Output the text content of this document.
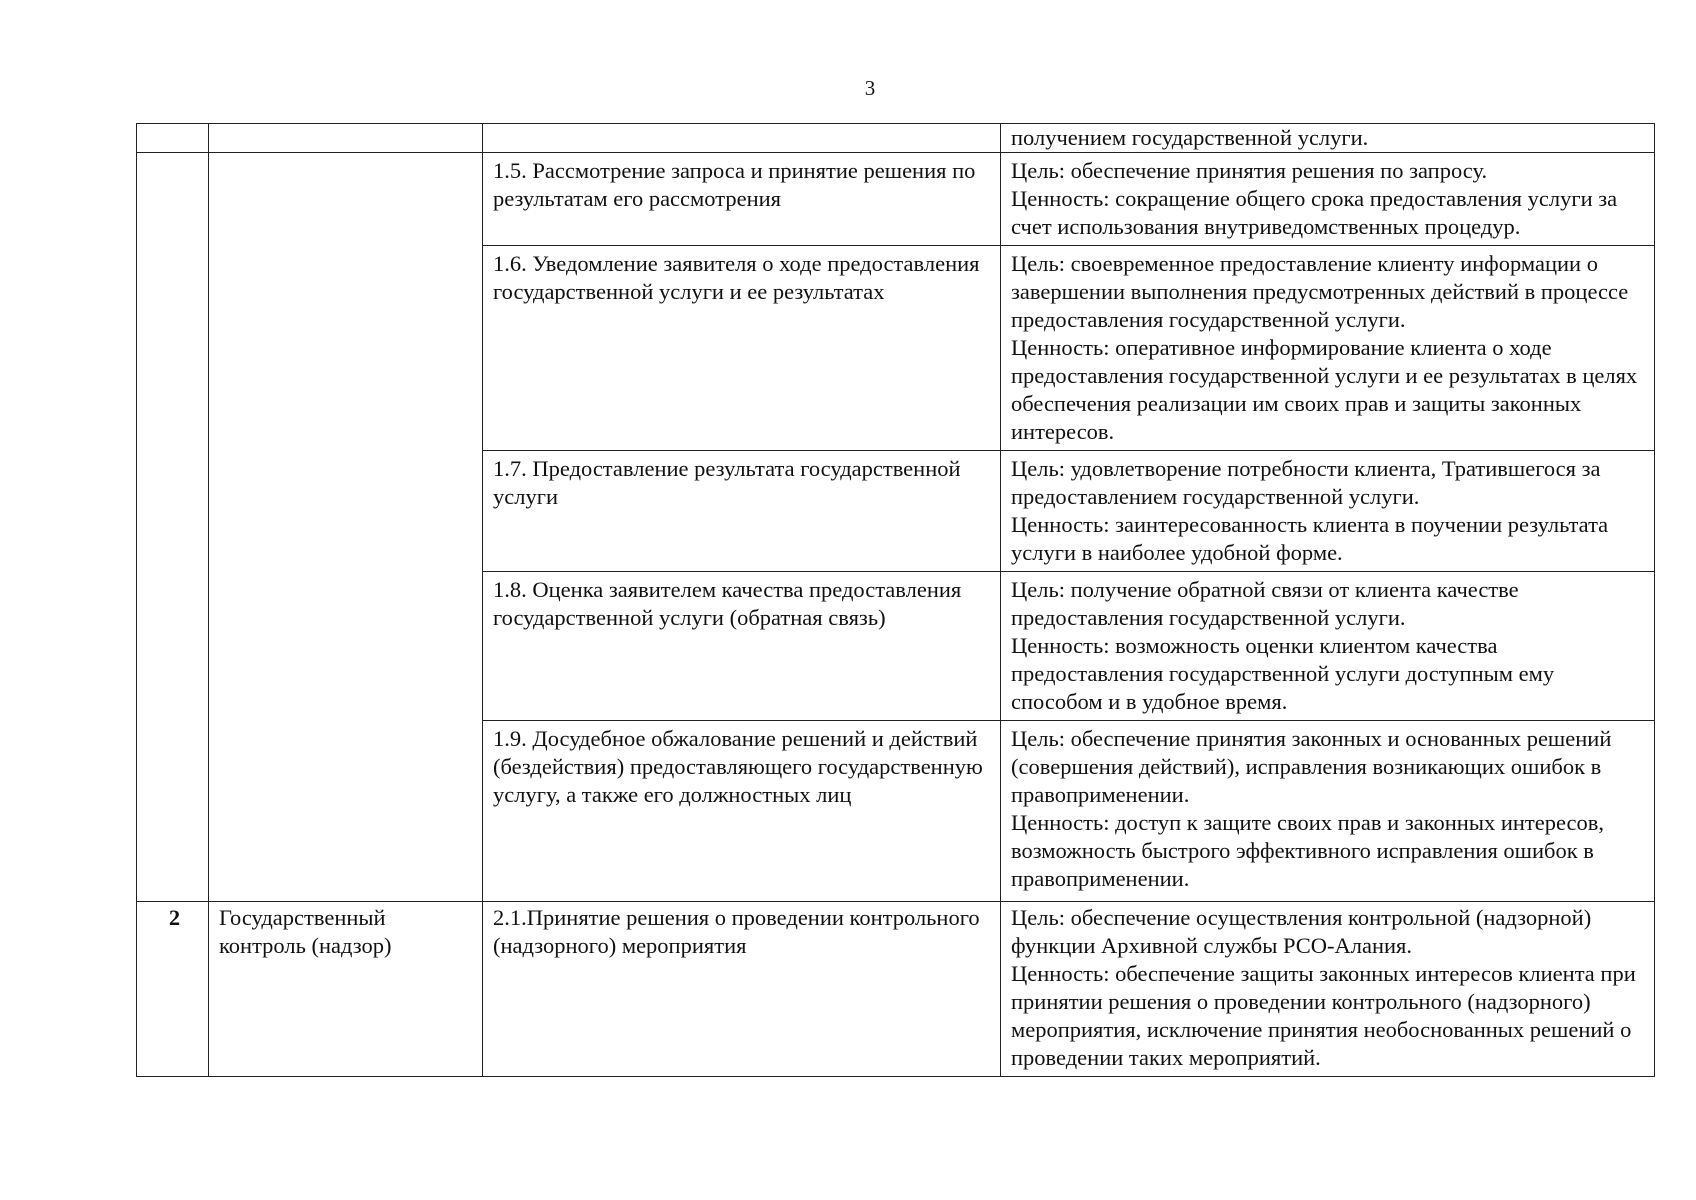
3

			получением государственной услуги.

		1.5. Рассмотрение запроса и принятие решения по результатам его рассмотрения	Цель: обеспечение принятия решения по запросу.
Ценность: сокращение общего срока предоставления услуги за счет использования внутриведомственных процедур.

		1.6. Уведомление заявителя о ходе предоставления государственной услуги и ее результатах	Цель: своевременное предоставление клиенту информации о завершении выполнения предусмотренных действий в процессе предоставления государственной услуги.
Ценность: оперативное информирование клиента о ходе предоставления государственной услуги и ее результатах в целях обеспечения реализации им своих прав и защиты законных интересов.

		1.7. Предоставление результата государственной услуги	Цель: удовлетворение потребности клиента, Тратившегося за предоставлением государственной услуги.
Ценность: заинтересованность клиента в поучении результата услуги в наиболее удобной форме.

		1.8. Оценка заявителем качества предоставления государственной услуги (обратная связь)	Цель: получение обратной связи от клиента качестве предоставления государственной услуги.
Ценность: возможность оценки клиентом качества предоставления государственной услуги доступным ему способом и в удобное время.

		1.9. Досудебное обжалование решений и действий (бездействия) предоставляющего государственную услугу, а также его должностных лиц	Цель: обеспечение принятия законных и основанных решений (совершения действий), исправления возникающих ошибок в правоприменении.
Ценность: доступ к защите своих прав и законных интересов, возможность быстрого эффективного исправления ошибок в правоприменении.

2	Государственный контроль (надзор)	2.1.Принятие решения о проведении контрольного (надзорного) мероприятия	Цель: обеспечение осуществления контрольной (надзорной) функции Архивной службы РСО-Алания.
Ценность: обеспечение защиты законных интересов клиента при принятии решения о проведении контрольного (надзорного) мероприятия, исключение принятия необоснованных решений о проведении таких мероприятий.
